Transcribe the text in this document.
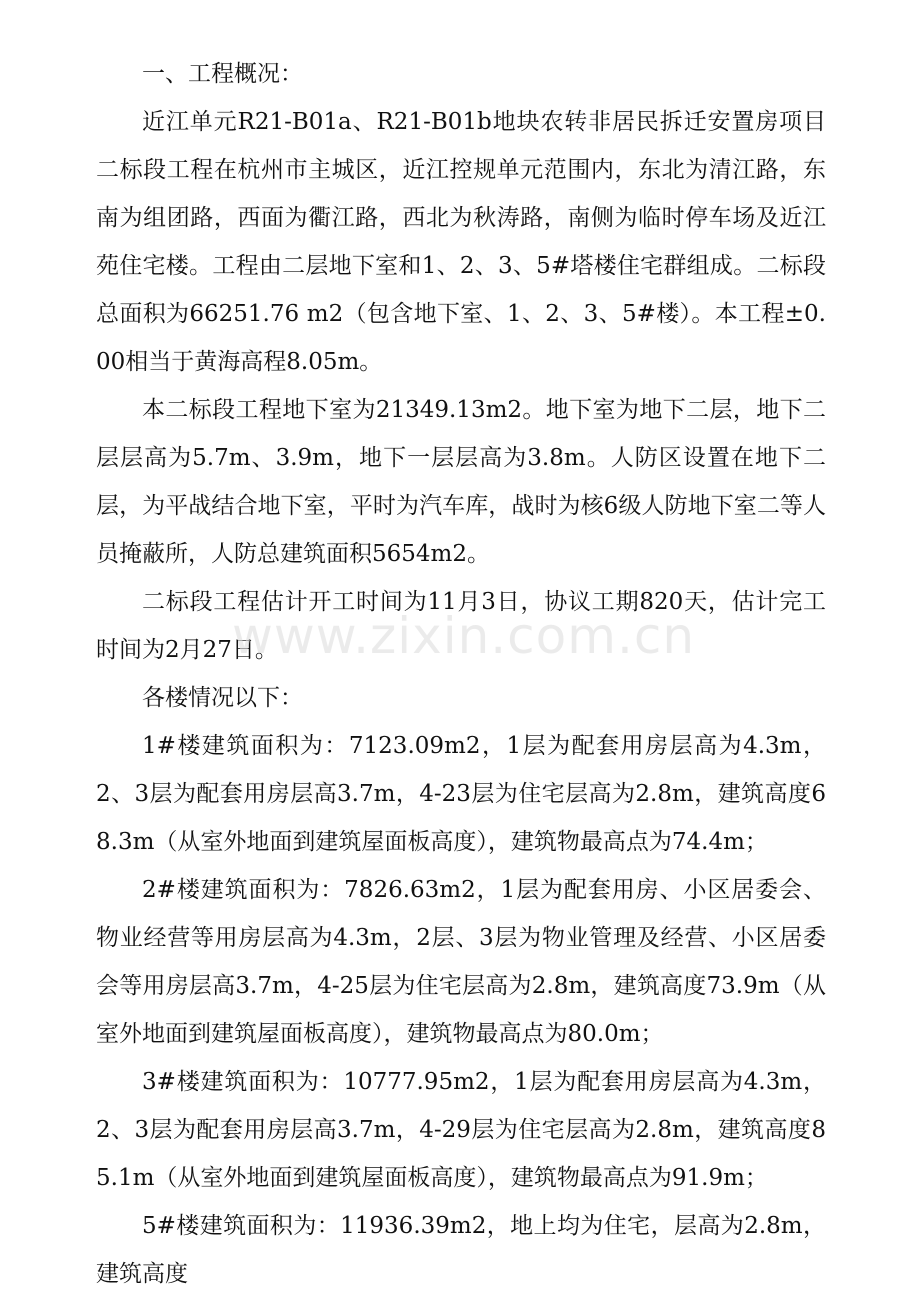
一、工程概况：

近江单元R21-B01a、R21-B01b地块农转非居民拆迁安置房项目二标段工程在杭州市主城区，近江控规单元范围内，东北为清江路，东南为组团路，西面为衢江路，西北为秋涛路，南侧为临时停车场及近江苑住宅楼。工程由二层地下室和1、2、3、5#塔楼住宅群组成。二标段总面积为66251.76 m2（包含地下室、1、2、3、5#楼）。本工程±0.00相当于黄海高程8.05m。

本二标段工程地下室为21349.13m2。地下室为地下二层，地下二层层高为5.7m、3.9m，地下一层层高为3.8m。人防区设置在地下二层，为平战结合地下室，平时为汽车库，战时为核6级人防地下室二等人员掩蔽所，人防总建筑面积5654m2。

二标段工程估计开工时间为11月3日，协议工期820天，估计完工时间为2月27日。

各楼情况以下：

1#楼建筑面积为：7123.09m2，1层为配套用房层高为4.3m，2、3层为配套用房层高3.7m，4-23层为住宅层高为2.8m，建筑高度68.3m（从室外地面到建筑屋面板高度），建筑物最高点为74.4m；

2#楼建筑面积为：7826.63m2，1层为配套用房、小区居委会、物业经营等用房层高为4.3m，2层、3层为物业管理及经营、小区居委会等用房层高3.7m，4-25层为住宅层高为2.8m，建筑高度73.9m（从室外地面到建筑屋面板高度），建筑物最高点为80.0m；

3#楼建筑面积为：10777.95m2，1层为配套用房层高为4.3m，2、3层为配套用房层高3.7m，4-29层为住宅层高为2.8m，建筑高度85.1m（从室外地面到建筑屋面板高度），建筑物最高点为91.9m；

5#楼建筑面积为：11936.39m2，地上均为住宅，层高为2.8m，建筑高度

www.zixin.com.cn
